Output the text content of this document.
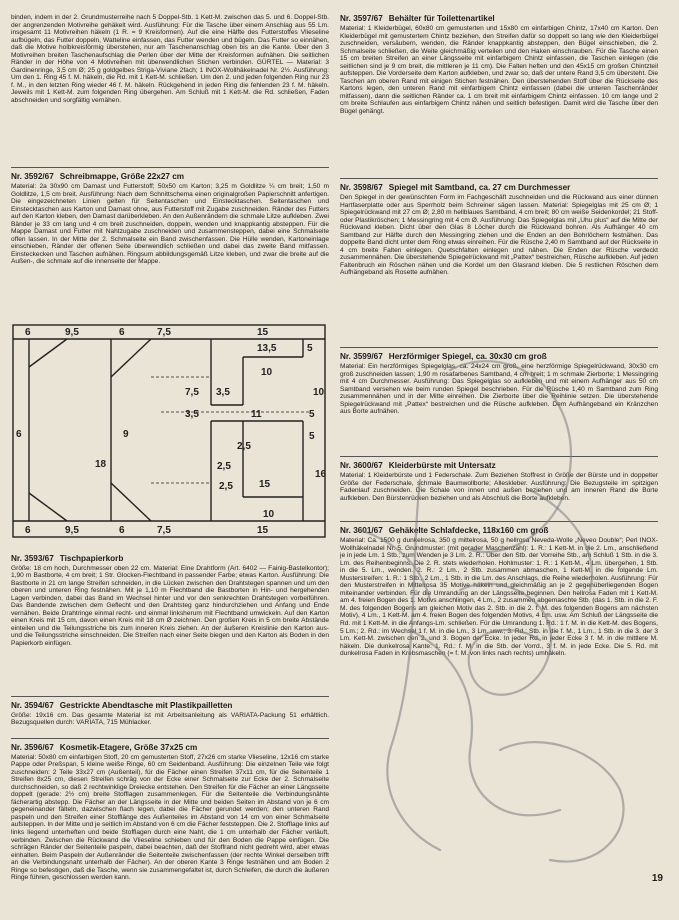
binden, indem in der 2. Grundmusterreihe nach 5 Doppel-Stb. 1 Kett-M. zwischen das 5. und 6. Doppel-Stb. der angrenzenden Motivreihe gehäkelt wird. Ausführung: Für die Tasche über einem Anschlag aus 55 Lm. insgesamt 11 Motivreihen häkeln (1 R. = 9 Kreisformen). Auf die eine Hälfte des Futterstoffes Vlieseline aufbügeln, das Futter doppeln, Watteline einfassen, das Futter wenden und bügeln. Das Futter so einnähen, daß die Motive holbkreisförmig überstehen, nur am Taschenanschlag oben bis an die Kante. Über den 3 Motivreihen breiten Taschenaufschlag die Perlen über der Mitte der Kreisformen aufnähen. Die seitlichen Ränder in der Höhe von 4 Motivreihen mit überwendlichen Stichen verbinden. GÜRTEL — Material: 3 Gardinenringe, 3,5 cm Ø; 25 g goldgelbes Striga-Viviane 2fach; 1 INOX-Wollhäkelnadel Nr. 2½. Ausführung: Um den 1. Ring 45 f. M. häkeln, die Rd. mit 1 Kett-M. schließen. Um den 2. und jeden folgenden Ring nur 23 f. M., in den letzten Ring wieder 46 f. M. häkeln. Rückgehend in jeden Ring die fehlenden 23 f. M. häkeln. Jeweils mit 1 Kett-M. zum folgenden Ring übergehen. Am Schluß mit 1 Kett-M. die Rd. schließen, Faden abschneiden und sorgfältig vernähen.

Nr. 3592/67 Schreibmappe, Größe 22x27 cm

Material: 2a 30x90 cm Damast und Futterstoff; 50x50 cm Karton; 3,25 m Goldlitze ¼ cm breit; 1,50 m Goldlitze, 1,5 cm breit. Ausführung: Nach dem Schnittschema einen originalgroßen Papierschnitt anfertigen. Die eingezeichneten Linien gelten für Seitentaschen und Einstecktaschen. Seitentaschen und Einstecktaschen aus Karton und Damast ohne, aus Futterstoff mit Zugabe zuschneiden. Ränder des Futters auf den Karton kleben, den Damast darüberkleben. An den Außenrändern die schmale Litze aufkleben. Zwei Bänder je 33 cm lang und 4 cm breit zuschneiden, doppeln, wenden und knappkantig absteppen. Für die Mappe Damast und Futter mit Nahtzugabe zuschneiden und zusammensteppen, dabei eine Schmalseite offen lassen. In der Mitte der 2. Schmalseite ein Band zwischenfassen. Die Hülle wenden, Kartoneinlage einschieben, Ränder der offenen Seite überwendlich schließen und dabei das zweite Band mitfassen. Einsteckecken und Taschen aufnähen. Ringsum abbildungsgemäß Litze kleben, und zwar die breite auf die Außen-, die schmale auf die innenseite der Mappe.

6	9,5	6	7,5	15
13,5	5
10
3,5
7,5	10
3,5	11	5
9
2,5
6	5
2,5
18
2,5	15
10
16
6	9,5	6	7,5	15
Nr. 3593/67 Tischpapierkorb

Größe: 18 cm hoch, Durchmesser oben 22 cm. Material: Eine Drahtform (Art. 6402 — Fainig-Bastelkontor); 1,90 m Bastborte, 4 cm breit; 1 Str. Glocken-Flechtband in passender Farbe; etwas Karton. Ausführung: Die Bastborte in 21 cm lange Streifen schneiden, in die Lücken zwischen den Drahtstegen spannen und um den oberen und unteren Ring festnähen. Mit je 1,10 m Flechtband die Bastborten in Hin- und hergehenden Lagen verbinden, dabei das Band im Wechsel hinter und vor den senkrechten Drahtstegen vorbeiführen. Das Bandende zwischen dem Geflecht und den Drahtsteg ganz hindurchziehen und Anfang und Ende vernähen. Beide Drahtringe einmal recht- und einmal linksherum mit Flechtband umwickeln. Auf den Karton einen Kreis mit 15 cm, davon einen Kreis mit 18 cm Ø zeichnen. Den großen Kreis in 5 cm breite Abstände einteilen und die Teilungsstriche bis zum inneren Kreis ziehen. An der äußeren Kreislinie den Karton aus- und die Teilungsstriche einschneiden. Die Streifen nach einer Seite biegen und den Karton als Boden in den Papierkorb einfügen.

Nr. 3594/67 Gestrickte Abendtasche mit Plastikpailletten

Größe: 19x16 cm. Das gesamte Material ist mit Arbeitsanleitung als VARIATA-Packung 51 erhältlich. Bezugsquellen durch: VARIATA, 715 Mühlacker.

Nr. 3596/67 Kosmetik-Etagere, Größe 37x25 cm

Material: 50x80 cm einfarbigen Stoff, 20 cm gemusterten Stoff, 27x26 cm starke Vlieseline, 12x16 cm starke Pappe oder Preßspan, 5 kleine weiße Ringe, 60 cm Seidenband. Ausführung: Die einzelnen Teile wie folgt zuschneiden: 2 Teile 33x27 cm (Außenteil), für die Fächer einen Streifen 37x11 cm, für die Seitenteile 1 Streifen 8x25 cm, diesen Streifen schräg von der Ecke einer Schmalseite zur Ecke der 2. Schmalseite durchschneiden, so daß 2 rechtwinklige Dreiecke entstehen. Den Streifen für die Fächer an einer Längsseite doppelt (gerade: 2½ cm) breite Stofflagen zusammenlegen. Für die Seitenteile die Verbindungsnähte fächerartig abstepp. Die Fächer an der Längsseite in der Mitte und beiden Seiten im Abstand von je 6 cm gegeneinander fälteln, dazwischen flach legen, dabei die Fächer gerundet werden; den unteren Rand paspeln und den Streifen einer Stofflänge des Außenteiles im Abstand von 14 cm von einer Schmalseite aufsteppen. In der Mitte und je seitlich im Abstand von 6 cm die Fächer feststeppen. Die 2. Stofflage links auf links liegend unterheften und beide Stofflagen durch eine Naht, die 1 cm unterhalb der Fächer verläuft, verbinden. Zwischen die Rückwand die Vlieseline schieben und für den Boden die Pappe einfügen. Die schrägen Ränder der Seitenteile paspeln, dabei beachten, daß der Stoffrand nicht gedreht wird, aber etwas einhalten. Beim Paspeln der Außenränder die Seitenteile zwischenfassen (der rechte Winkel derselben trifft an die Verbindungsnaht unterhalb der Fächer). An der oberen Kante 3 Ringe festnähen und am Boden 2 Ringe so befestigen, daß die Tasche, wenn sie zusammengefaltet ist, durch Schleifen, die durch die äußeren Ringe führen, geschlossen werden kann.

Nr. 3597/67 Behälter für Toilettenartikel

Material: 1 Kleiderbügel, 60x80 cm gemusterten und 15x80 cm einfarbigen Chintz, 17x40 cm Karton. Den Kleiderbügel mit gemustertem Chintz beziehen, den Streifen dafür so doppelt so lang wie den Kleiderbügel zuschneiden, versäubern, wenden, die Ränder knappkantig absteppen, den Bügel einschieben, die 2. Schmalseite schließen, die Weite gleichmäßig verteilen und den Haken einschrauben. Für die Tasche einen 15 cm breiten Streifen an einer Längsseite mit einfarbigem Chintz einfassen, die Taschen einlegen (die seitlichen sind je 9 cm breit, die mittleren je 11 cm). Die Falten heften und den 45x15 cm großen Chintzteil aufsteppen. Die Vorderseite dem Karton aufkleben, und zwar so, daß der untere Rand 3,5 cm übersteht. Die Taschen am oberen Rand mit einigen Stichen festnähen. Den überstehenden Stoff über die Rückseite des Kartons legen, den unteren Rand mit einfarbigem Chintz einfassen (dabei die unteren Taschenränder mitfassen), dann die seitlichen Ränder ca. 1 cm breit mit einfarbigem Chintz einfassen. 10 cm lange und 2 cm breite Schlaufen aus einfarbigem Chintz nähen und seitlich befestigen. Damit wird die Tasche über den Bügel gehängt.

Nr. 3598/67 Spiegel mit Samtband, ca. 27 cm Durchmesser

Den Spiegel in der gewünschten Form im Fachgeschäft zuschneiden und die Rückwand aus einer dünnen Hartfaserplatte oder aus Sperrholz beim Schreiner sägen lassen. Material: Spiegelglas mit 25 cm Ø; 1 Spiegelrückwand mit 27 cm Ø; 2,80 m hellblaues Samtband, 4 cm breit; 80 cm weiße Seidenkordel; 21 Stoff- oder Plastikröschen; 1 Messingring mit 4 cm Ø. Ausführung: Das Spiegelglas mit „Uhu plus“ auf die Mitte der Rückwand kleben. Dicht über den Glas 8 Löcher durch die Rückwand bohren. Als Aufhänger 40 cm Samtband zur Hälfte durch den Messingring ziehen und die Enden an den Bohrlöchern festnähen. Das doppelte Band dicht unter dem Ring etwas einreihen. Für die Rüsche 2,40 m Samtband auf der Rückseite in 4 cm breite Falten einlegen. Quetschfalten einlegen und nähen. Die Enden der Rüsche verdeckt zusammennähen. Die überstehende Spiegelrückwand mit „Pattex“ bestreichen, Rüsche aufkleben. Auf jeden Faltenbruch ein Röschen nähen und die Kordel um den Glasrand kleben. Die 5 restlichen Röschen dem Aufhängeband als Rosette aufnähen.

Nr. 3599/67 Herzförmiger Spiegel, ca. 30x30 cm groß

Material: Ein herzförmiges Spiegelglas, ca. 24x24 cm groß, eine herzförmige Spiegelrückwand, 30x30 cm groß zuschneiden lassen; 1,90 m rosafarbenes Samtband, 4 cm breit; 1 m schmale Zierborte; 1 Messingring mit 4 cm Durchmesser. Ausführung: Das Spiegelglas so aufkleben und mit einem Aufhänger aus 50 cm Samtband versehen wie beim runden Spiegel beschrieben. Für die Rüsche 1,40 m Samtband zum Ring zusammennähen und in der Mitte einreihen. Die Zierborte über die Reihlinie setzen. Die überstehende Spiegelrückwand mit „Pattex“ bestreichen und die Rüsche aufkleben. Dem Aufhängeband ein Kränzchen aus Borte aufnähen.

Nr. 3600/67 Kleiderbürste mit Untersatz

Material: 1 Kleiderbürste und 1 Federschale. Zum Beziehen Stoffrest in Größe der Bürste und in doppelter Größe der Federschale, schmale Baumwollborte; Alleskleber. Ausführung: Die Bezugsteile im spitzigen Fadenlauf zuschneiden. Die Schale von innen und außen beziehen und am inneren Rand die Borte aufkleben. Den Bürstenrücken beziehen und als Abschluß die Borte aufkleben.

Nr. 3601/67 Gehäkelte Schlafdecke, 118x160 cm groß

Material: Ca. 1500 g dunkelrosa, 350 g mittelrosa, 50 g hellrosa Neveda-Wolle „Neveo Double“; Perl INOX-Wollhäkelnadel Nr. 5. Grundmuster: (mit gerader Maschenzahl): 1. R.: 1 Kett-M. in die 2. Lm., anschließend je in jede Lm. 1 Stb.; zum Wenden je 3 Lm. 2. R.: Über den Stb. der Vorreihe Stb., am Schluß 1 Stb. in die 3. Lm. des Reihenbeginns. Die 2. R. stets wiederholen. Hohlmuster: 1. R.: 1 Kett-M., 4 Lm. übergehen, 1 Stb. in die 5. Lm., wenden. 2. R.: 2 Lm., 2 Stb. zusammen abmaschen, 1 Kett-M. in die folgende Lm. Musterstreifen: 1. R.: 1 Stb., 2 Lm., 1 Stb. in die Lm. des Anschlags, die Reihe wiederholen. Ausführung: Für den Musterstreifen in Mittelrosa 35 Motive häkeln und gleichmäßig an je 2 gegenüberliegenden Bogen miteinander verbinden. Für die Umrandung an der Längsseite beginnen. Den hellrosa Faden mit 1 Kett-M. am 4. freien Bogen des 1. Motivs anschlingen, 4 Lm., 2 zusammen abgemaschte Stb. (das 1. Stb. in die 2. F. M. des folgenden Bogens am gleichen Motiv das 2. Stb. in die 2. f. M. des folgenden Bogens am nächsten Motiv), 4 Lm., 1 Kett-M. am 4. freien Bogen des folgenden Motivs, 4 Lm. usw. Am Schluß der Längsseite die Rd. mit 1 Kett-M. in die Anfangs-Lm. schließen. Für die Umrandung 1. Rd.: 1 f. M. in die Kett-M. des Bogens, 5 Lm.; 2. Rd.: im Wechsel 1 f. M. in die Lm., 3 Lm. usw.; 3. Rd.: Stb. in die f. M., 1 Lm., 1 Stb. in die 3. der 3 Lm. Kett-M. zwischen den 2. und 3. Bogen der Ecke. In jeder Rd. in jeder Ecke 3 f. M. in die mittlere M. häkeln. Die dunkelrosa Kante: 1. Rd.: f. M. in die Stb. der Vorrd., 3 f. M. in jede Ecke. Die 5. Rd. mit dunkelrosa Faden in Krebsmaschen (= f. M. von links nach rechts) umhäkeln.

19
